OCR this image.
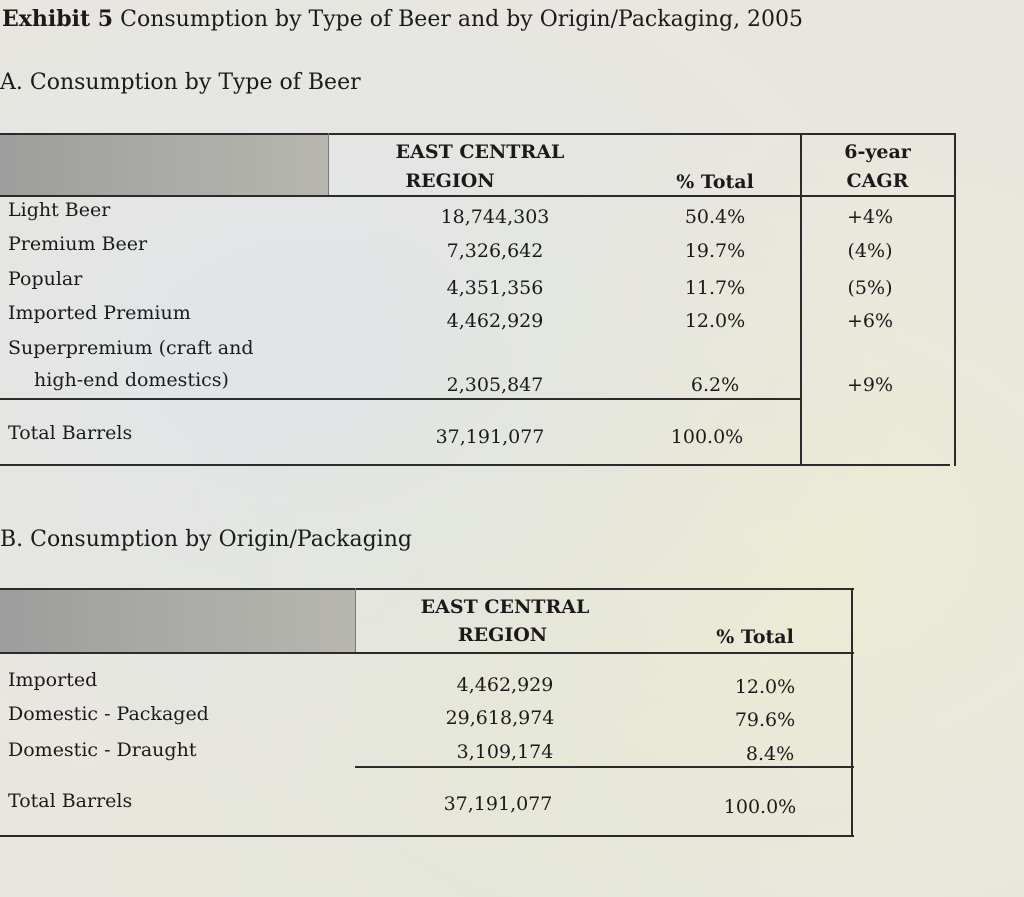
Exhibit 5 Consumption by Type of Beer and by Origin/Packaging, 2005
A. Consumption by Type of Beer
EAST CENTRAL
REGION	% Total
6-year
CAGR
Light Beer	18,744,303	50.4%	+4%
Premium Beer	7,326,642	19.7%	(4%)
Popular	4,351,356	11.7%	(5%)
Imported Premium	4,462,929	12.0%	+6%
Superpremium (craft and
high-end domestics)	2,305,847	6.2%	+9%
Total Barrels	37,191,077	100.0%
B. Consumption by Origin/Packaging
EAST CENTRAL
REGION	% Total
Imported	4,462,929	12.0%
Domestic - Packaged	29,618,974	79.6%
Domestic - Draught	3,109,174	8.4%
Total Barrels	37,191,077	100.0%
